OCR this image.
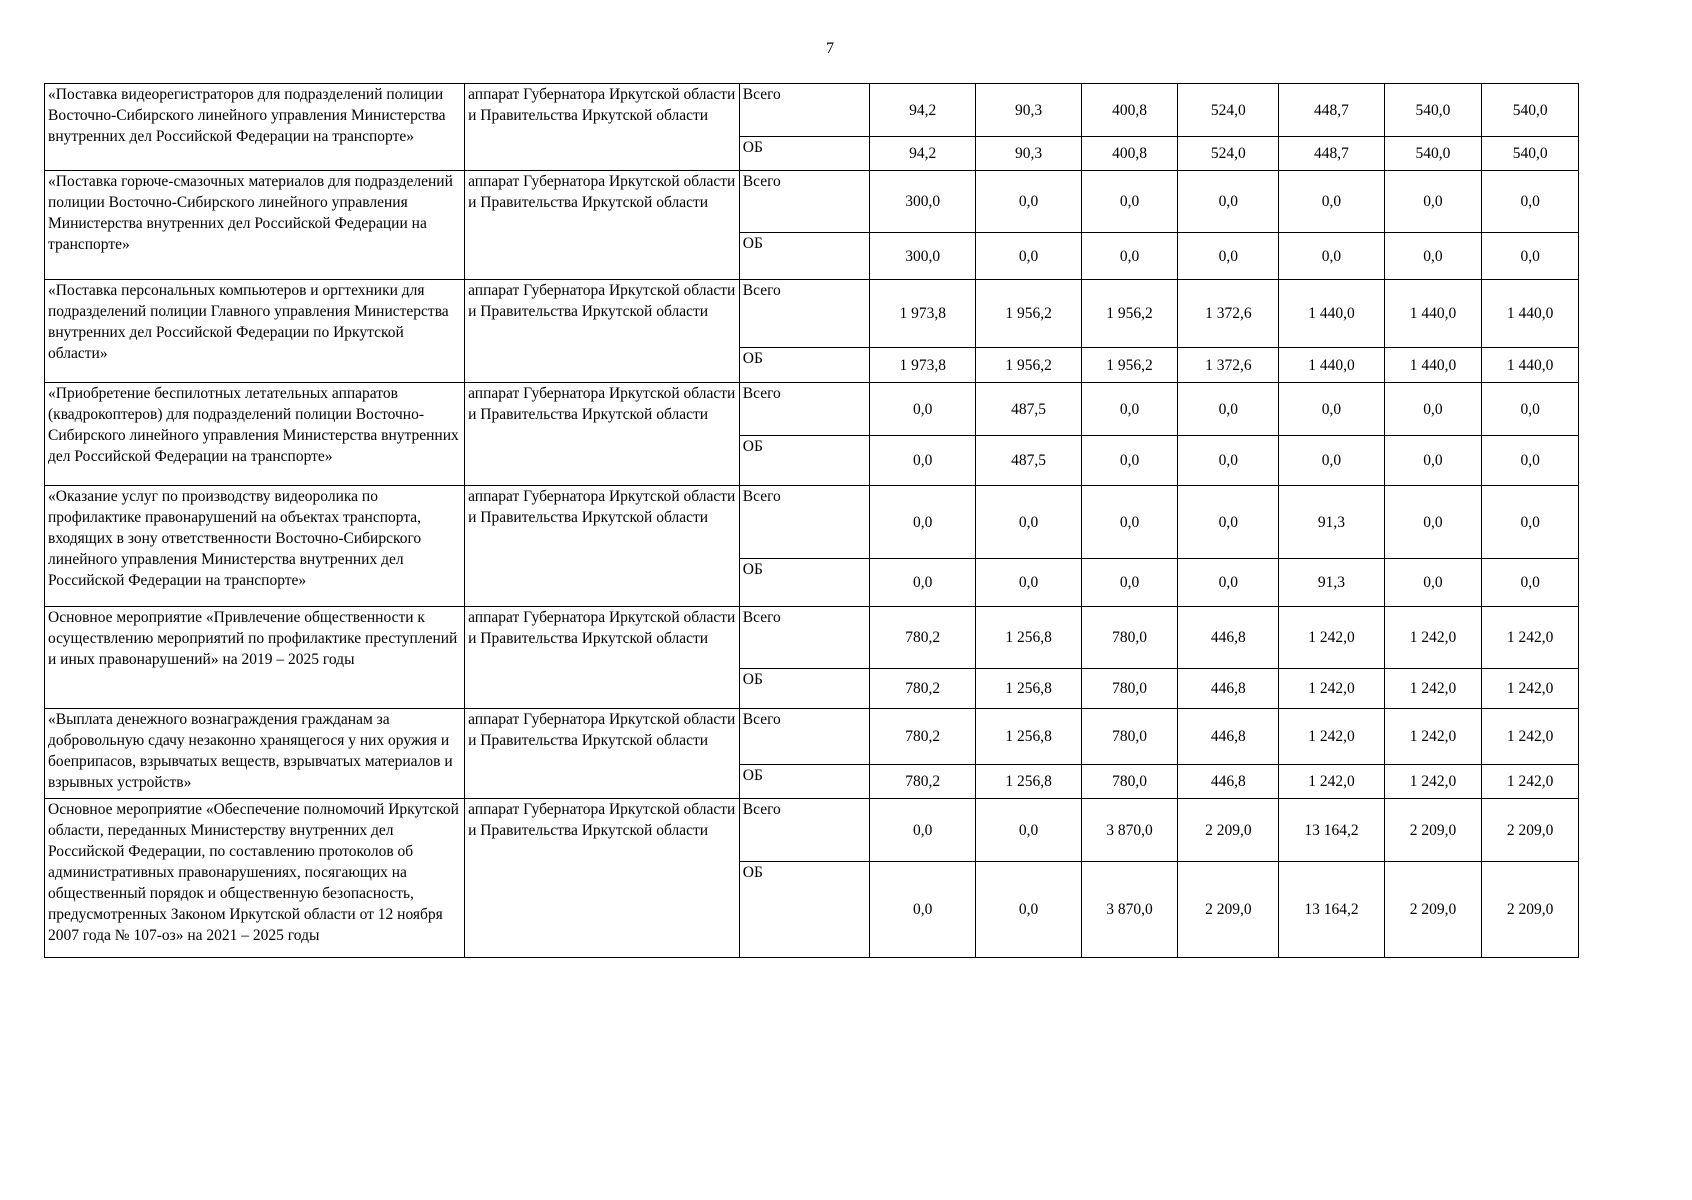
7
«Поставка видеорегистраторов для подразделений полиции Восточно-Сибирского линейного управления Министерства внутренних дел Российской Федерации на транспорте»	аппарат Губернатора Иркутской области и Правительства Иркутской области	Всего	94,2	90,3	400,8	524,0	448,7	540,0	540,0
		ОБ	94,2	90,3	400,8	524,0	448,7	540,0	540,0
«Поставка горюче-смазочных материалов для подразделений полиции Восточно-Сибирского линейного управления Министерства внутренних дел Российской Федерации на транспорте»	аппарат Губернатора Иркутской области и Правительства Иркутской области	Всего	300,0	0,0	0,0	0,0	0,0	0,0	0,0
		ОБ	300,0	0,0	0,0	0,0	0,0	0,0	0,0
«Поставка персональных компьютеров и оргтехники для подразделений полиции Главного управления Министерства внутренних дел Российской Федерации по Иркутской области»	аппарат Губернатора Иркутской области и Правительства Иркутской области	Всего	1 973,8	1 956,2	1 956,2	1 372,6	1 440,0	1 440,0	1 440,0
		ОБ	1 973,8	1 956,2	1 956,2	1 372,6	1 440,0	1 440,0	1 440,0
«Приобретение беспилотных летательных аппаратов (квадрокоптеров) для подразделений полиции Восточно-Сибирского линейного управления Министерства внутренних дел Российской Федерации на транспорте»	аппарат Губернатора Иркутской области и Правительства Иркутской области	Всего	0,0	487,5	0,0	0,0	0,0	0,0	0,0
		ОБ	0,0	487,5	0,0	0,0	0,0	0,0	0,0
«Оказание услуг по производству видеоролика по профилактике правонарушений на объектах транспорта, входящих в зону ответственности Восточно-Сибирского линейного управления Министерства внутренних дел Российской Федерации на транспорте»	аппарат Губернатора Иркутской области и Правительства Иркутской области	Всего	0,0	0,0	0,0	0,0	91,3	0,0	0,0
		ОБ	0,0	0,0	0,0	0,0	91,3	0,0	0,0
Основное мероприятие «Привлечение общественности к осуществлению мероприятий по профилактике преступлений и иных правонарушений» на 2019 – 2025 годы	аппарат Губернатора Иркутской области и Правительства Иркутской области	Всего	780,2	1 256,8	780,0	446,8	1 242,0	1 242,0	1 242,0
		ОБ	780,2	1 256,8	780,0	446,8	1 242,0	1 242,0	1 242,0
«Выплата денежного вознаграждения гражданам за добровольную сдачу незаконно хранящегося у них оружия и боеприпасов, взрывчатых веществ, взрывчатых материалов и взрывных устройств»	аппарат Губернатора Иркутской области и Правительства Иркутской области	Всего	780,2	1 256,8	780,0	446,8	1 242,0	1 242,0	1 242,0
		ОБ	780,2	1 256,8	780,0	446,8	1 242,0	1 242,0	1 242,0
Основное мероприятие «Обеспечение полномочий Иркутской области, переданных Министерству внутренних дел Российской Федерации, по составлению протоколов об административных правонарушениях, посягающих на общественный порядок и общественную безопасность, предусмотренных Законом Иркутской области от 12 ноября 2007 года № 107-оз» на 2021 – 2025 годы	аппарат Губернатора Иркутской области и Правительства Иркутской области	Всего	0,0	0,0	3 870,0	2 209,0	13 164,2	2 209,0	2 209,0
		ОБ	0,0	0,0	3 870,0	2 209,0	13 164,2	2 209,0	2 209,0
